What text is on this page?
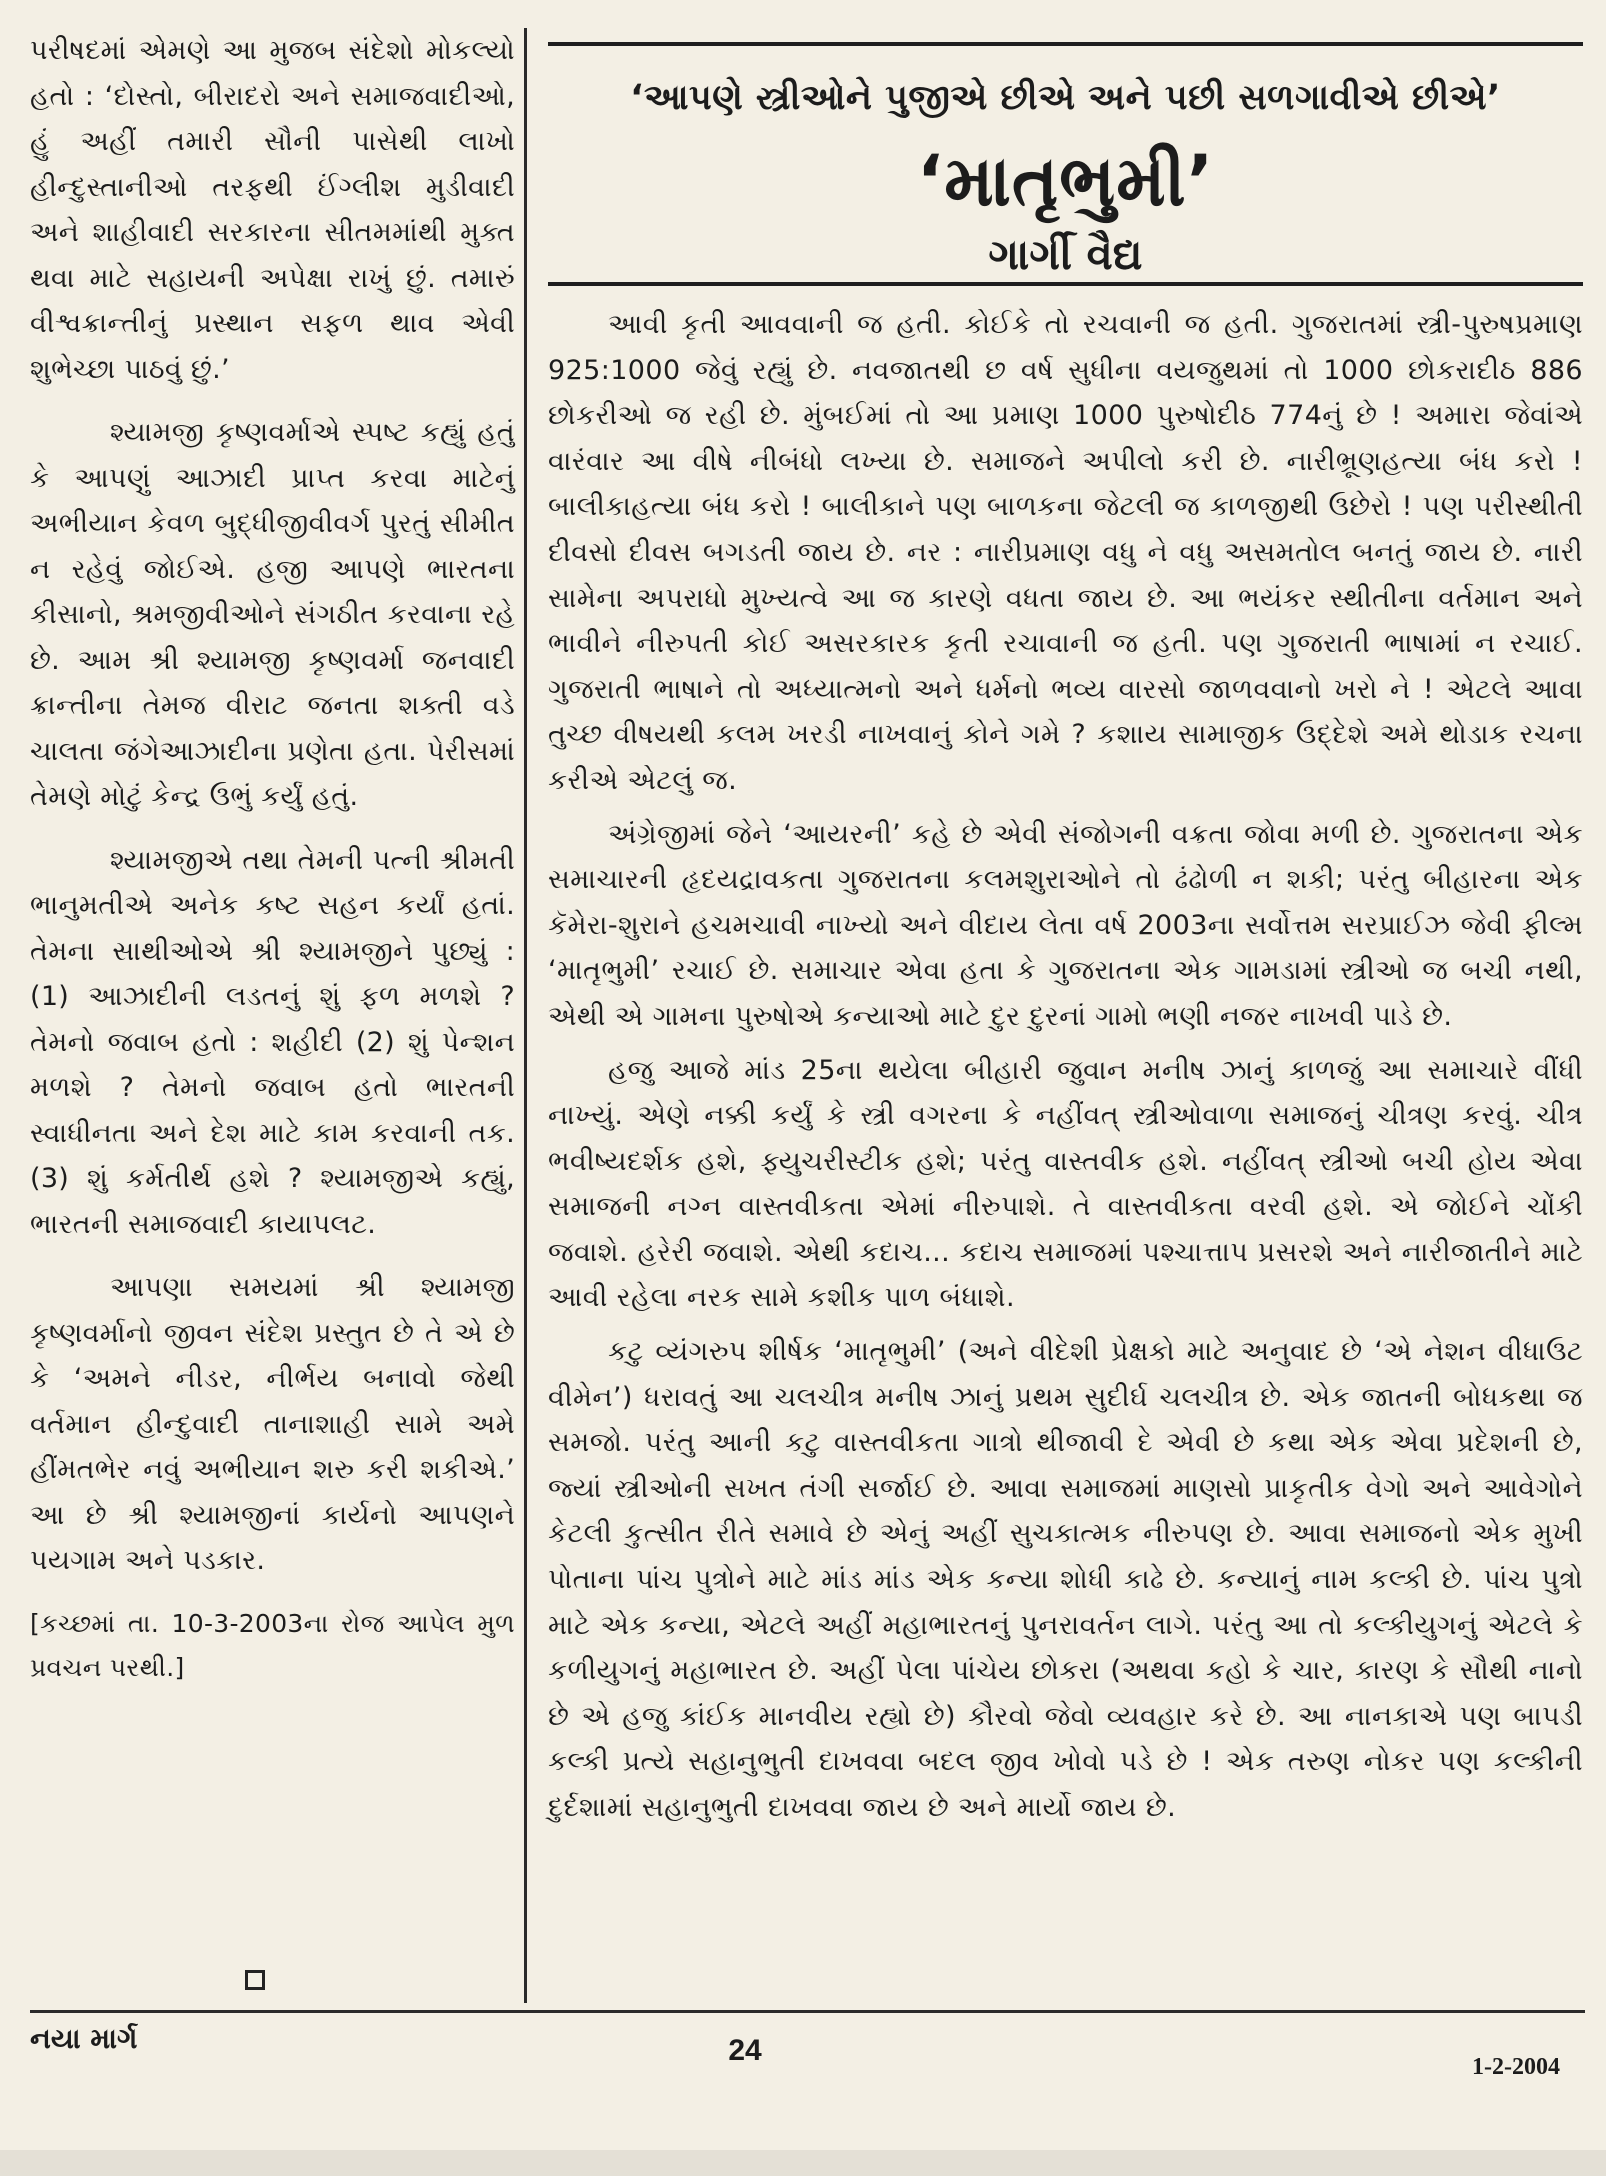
પરીષદમાં એમણે આ મુજબ સંદેશો મોકલ્યો હતો : ‘દોસ્તો, બીરાદરો અને સમાજવાદીઓ, હું અહીં તમારી સૌની પાસેથી લાખો હીન્દુસ્તાનીઓ તરફથી ઈંગ્લીશ મુડીવાદી અને શાહીવાદી સરકારના સીતમમાંથી મુક્ત થવા માટે સહાયની અપેક્ષા રાખું છું. તમારું વીશ્વક્રાન્તીનું પ્રસ્થાન સફળ થાવ એવી શુભેચ્છા પાઠવું છું.’

શ્યામજી કૃષ્ણવર્માએ સ્પષ્ટ કહ્યું હતું કે આપણું આઝાદી પ્રાપ્ત કરવા માટેનું અભીયાન કેવળ બુદ્ધીજીવીવર્ગ પુરતું સીમીત ન રહેવું જોઈએ. હજી આપણે ભારતના કીસાનો, શ્રમજીવીઓને સંગઠીત કરવાના રહે છે. આમ શ્રી શ્યામજી કૃષ્ણવર્મા જનવાદી ક્રાન્તીના તેમજ વીરાટ જનતા શક્તી વડે ચાલતા જંગેઆઝાદીના પ્રણેતા હતા. પેરીસમાં તેમણે મોટું કેન્દ્ર ઉભું કર્યું હતું.

શ્યામજીએ તથા તેમની પત્ની શ્રીમતી ભાનુમતીએ અનેક કષ્ટ સહન કર્યાં હતાં. તેમના સાથીઓએ શ્રી શ્યામજીને પુછ્યું : (1) આઝાદીની લડતનું શું ફળ મળશે ? તેમનો જવાબ હતો : શહીદી (2) શું પેન્શન મળશે ? તેમનો જવાબ હતો ભારતની સ્વાધીનતા અને દેશ માટે કામ કરવાની તક. (3) શું કર્મતીર્થ હશે ? શ્યામજીએ કહ્યું, ભારતની સમાજવાદી કાયાપલટ.

આપણા સમયમાં શ્રી શ્યામજી કૃષ્ણવર્માનો જીવન સંદેશ પ્રસ્તુત છે તે એ છે કે ‘અમને નીડર, નીર્ભય બનાવો જેથી વર્તમાન હીન્દુવાદી તાનાશાહી સામે અમે હીંમતભેર નવું અભીયાન શરુ કરી શકીએ.’ આ છે શ્રી શ્યામજીનાં કાર્યનો આપણને પયગામ અને પડકાર.

[કચ્છમાં તા. 10-3-2003ના રોજ આપેલ મુળ પ્રવચન પરથી.]

‘આપણે સ્ત્રીઓને પુજીએ છીએ અને પછી સળગાવીએ છીએ’
‘માતૃભુમી’
ગાર્ગી વૈદ્ય

આવી કૃતી આવવાની જ હતી. કોઈકે તો રચવાની જ હતી. ગુજરાતમાં સ્ત્રી-પુરુષપ્રમાણ 925:1000 જેવું રહ્યું છે. નવજાતથી છ વર્ષ સુધીના વયજુથમાં તો 1000 છોકરાદીઠ 886 છોકરીઓ જ રહી છે. મુંબઈમાં તો આ પ્રમાણ 1000 પુરુષોદીઠ 774નું છે ! અમારા જેવાંએ વારંવાર આ વીષે નીબંધો લખ્યા છે. સમાજને અપીલો કરી છે. નારીભ્રૂણહત્યા બંધ કરો ! બાલીકાહત્યા બંધ કરો ! બાલીકાને પણ બાળકના જેટલી જ કાળજીથી ઉછેરો ! પણ પરીસ્થીતી દીવસો દીવસ બગડતી જાય છે. નર : નારીપ્રમાણ વધુ ને વધુ અસમતોલ બનતું જાય છે. નારી સામેના અપરાધો મુખ્યત્વે આ જ કારણે વધતા જાય છે. આ ભયંકર સ્થીતીના વર્તમાન અને ભાવીને નીરુપતી કોઈ અસરકારક કૃતી રચાવાની જ હતી. પણ ગુજરાતી ભાષામાં ન રચાઈ. ગુજરાતી ભાષાને તો અધ્યાત્મનો અને ધર્મનો ભવ્ય વારસો જાળવવાનો ખરો ને ! એટલે આવા તુચ્છ વીષયથી કલમ ખરડી નાખવાનું કોને ગમે ? કશાય સામાજીક ઉદ્દેશે અમે થોડાક રચના કરીએ એટલું જ.

અંગ્રેજીમાં જેને ‘આયરની’ કહે છે એવી સંજોગની વક્રતા જોવા મળી છે. ગુજરાતના એક સમાચારની હૃદયદ્રાવકતા ગુજરાતના કલમશુરાઓને તો ઢંઢોળી ન શકી; પરંતુ બીહારના એક કૅમેરા-શુરાને હચમચાવી નાખ્યો અને વીદાય લેતા વર્ષ 2003ના સર્વોત્તમ સરપ્રાઈઝ જેવી ફીલ્મ ‘માતૃભુમી’ રચાઈ છે. સમાચાર એવા હતા કે ગુજરાતના એક ગામડામાં સ્ત્રીઓ જ બચી નથી, એથી એ ગામના પુરુષોએ કન્યાઓ માટે દુર દુરનાં ગામો ભણી નજર નાખવી પાડે છે.

હજુ આજે માંડ 25ના થયેલા બીહારી જુવાન મનીષ ઝાનું કાળજું આ સમાચારે વીંધી નાખ્યું. એણે નક્કી કર્યું કે સ્ત્રી વગરના કે નહીંવત્ સ્ત્રીઓવાળા સમાજનું ચીત્રણ કરવું. ચીત્ર ભવીષ્યદર્શક હશે, ફ્યુચરીસ્ટીક હશે; પરંતુ વાસ્તવીક હશે. નહીંવત્ સ્ત્રીઓ બચી હોય એવા સમાજની નગ્ન વાસ્તવીકતા એમાં નીરુપાશે. તે વાસ્તવીકતા વરવી હશે. એ જોઈને ચોંકી જવાશે. હરેરી જવાશે. એથી કદાચ... કદાચ સમાજમાં પશ્ચાત્તાપ પ્રસરશે અને નારીજાતીને માટે આવી રહેલા નરક સામે કશીક પાળ બંધાશે.

કટુ વ્યંગરુપ શીર્ષક ‘માતૃભુમી’ (અને વીદેશી પ્રેક્ષકો માટે અનુવાદ છે ‘એ નેશન વીધાઉટ વીમેન’) ધરાવતું આ ચલચીત્ર મનીષ ઝાનું પ્રથમ સુદીર્ઘ ચલચીત્ર છે. એક જાતની બોધકથા જ સમજો. પરંતુ આની કટુ વાસ્તવીકતા ગાત્રો થીજાવી દે એવી છે કથા એક એવા પ્રદેશની છે, જ્યાં સ્ત્રીઓની સખત તંગી સર્જાઈ છે. આવા સમાજમાં માણસો પ્રાકૃતીક વેગો અને આવેગોને કેટલી કુત્સીત રીતે સમાવે છે એનું અહીં સુચકાત્મક નીરુપણ છે. આવા સમાજનો એક મુખી પોતાના પાંચ પુત્રોને માટે માંડ માંડ એક કન્યા શોધી કાઢે છે. કન્યાનું નામ કલ્કી છે. પાંચ પુત્રો માટે એક કન્યા, એટલે અહીં મહાભારતનું પુનરાવર્તન લાગે. પરંતુ આ તો કલ્કીયુગનું એટલે કે કળીયુગનું મહાભારત છે. અહીં પેલા પાંચેય છોકરા (અથવા કહો કે ચાર, કારણ કે સૌથી નાનો છે એ હજુ કાંઈક માનવીય રહ્યો છે) કૌરવો જેવો વ્યવહાર કરે છે. આ નાનકાએ પણ બાપડી કલ્કી પ્રત્યે સહાનુભુતી દાખવવા બદલ જીવ ખોવો પડે છે ! એક તરુણ નોકર પણ કલ્કીની દુર્દશામાં સહાનુભુતી દાખવવા જાય છે અને માર્યો જાય છે.

નયા માર્ગ	24	1-2-2004
